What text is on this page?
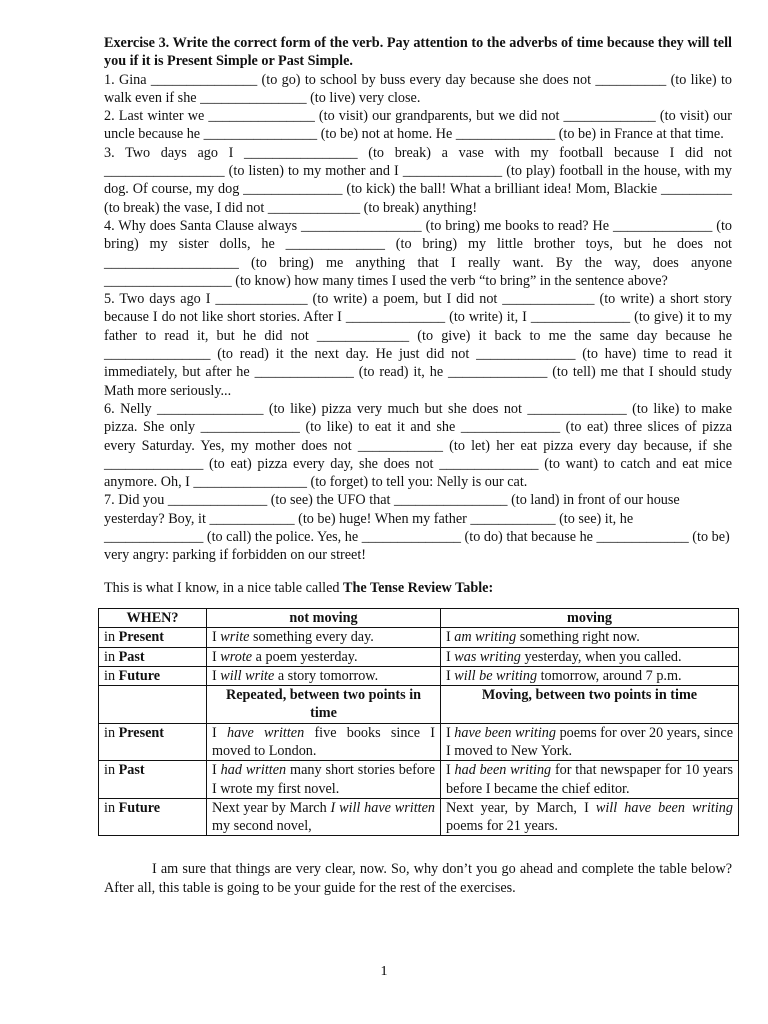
Exercise 3. Write the correct form of the verb. Pay attention to the adverbs of time because they will tell you if it is Present Simple or Past Simple.

1. Gina _______________ (to go) to school by buss every day because she does not __________ (to like) to walk even if she _______________ (to live) very close.

2. Last winter we _______________ (to visit) our grandparents, but we did not _____________ (to visit) our uncle because he ________________ (to be) not at home. He ______________ (to be) in France at that time.

3. Two days ago I ________________ (to break) a vase with my football because I did not _________________ (to listen) to my mother and I ______________ (to play) football in the house, with my dog. Of course, my dog ______________ (to kick) the ball! What a brilliant idea! Mom, Blackie __________ (to break) the vase, I did not _____________ (to break) anything!

4. Why does Santa Clause always _________________ (to bring) me books to read? He ______________ (to bring) my sister dolls, he ______________ (to bring) my little brother toys, but he does not ___________________ (to bring) me anything that I really want. By the way, does anyone __________________ (to know) how many times I used the verb “to bring” in the sentence above?

5. Two days ago I _____________ (to write) a poem, but I did not _____________ (to write) a short story because I do not like short stories. After I ______________ (to write) it, I ______________ (to give) it to my father to read it, but he did not _____________ (to give) it back to me the same day because he _______________ (to read) it the next day. He just did not ______________ (to have) time to read it immediately, but after he ______________ (to read) it, he ______________ (to tell) me that I should study Math more seriously...

6. Nelly _______________ (to like) pizza very much but she does not ______________ (to like) to make pizza. She only ______________ (to like) to eat it and she ______________ (to eat) three slices of pizza every Saturday. Yes, my mother does not ____________ (to let) her eat pizza every day because, if she ______________ (to eat) pizza every day, she does not ______________ (to want) to catch and eat mice anymore. Oh, I ________________ (to forget) to tell you: Nelly is our cat.

7. Did you ______________ (to see) the UFO that ________________ (to land) in front of our house yesterday? Boy, it ____________ (to be) huge! When my father ____________ (to see) it, he ______________ (to call) the police. Yes, he ______________ (to do) that because he _____________ (to be) very angry: parking if forbidden on our street!

This is what I know, in a nice table called The Tense Review Table:

WHEN?	not moving	moving
in Present	I write something every day.	I am writing something right now.
in Past	I wrote a poem yesterday.	I was writing yesterday, when you called.
in Future	I will write a story tomorrow.	I will be writing tomorrow, around 7 p.m.
	Repeated, between two points in time	Moving, between two points in time
in Present	I have written five books since I moved to London.	I have been writing poems for over 20 years, since I moved to New York.
in Past	I had written many short stories before I wrote my first novel.	I had been writing for that newspaper for 10 years before I became the chief editor.
in Future	Next year by March I will have written my second novel,	Next year, by March, I will have been writing poems for 21 years.

I am sure that things are very clear, now. So, why don’t you go ahead and complete the table below? After all, this table is going to be your guide for the rest of the exercises.

1
